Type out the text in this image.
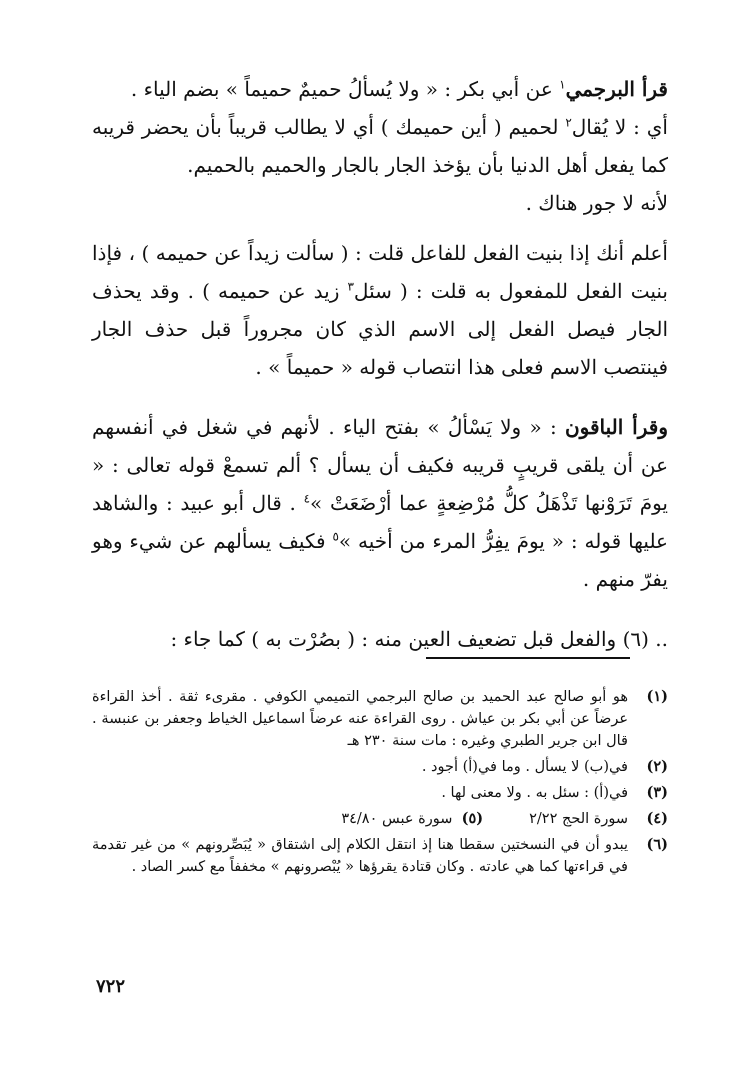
قرأ البرجمي$^١$ عن أبي بكر : « ولا يُسألُ حميمٌ حميماً » بضم الياء .

أي : لا يُقال$^٢$ لحميم ( أين حميمك ) أي لا يطالب قريباً بأن يحضر قريبه كما يفعل أهل الدنيا بأن يؤخذ الجار بالجار والحميم بالحميم.

لأنه لا جور هناك .

أعلم أنك إذا بنيت الفعل للفاعل قلت : ( سألت زيداً عن حميمه ) ، فإذا بنيت الفعل للمفعول به قلت : ( سئل$^٣$ زيد عن حميمه ) . وقد يحذف الجار فيصل الفعل إلى الاسم الذي كان مجروراً قبل حذف الجار فينتصب الاسم فعلى هذا انتصاب قوله « حميماً » .

وقرأ الباقون : « ولا يَسْألُ » بفتح الياء . لأنهم في شغل في أنفسهم عن أن يلقى قريبٍ قريبه فكيف أن يسأل ؟ ألم تسمعْ قوله تعالى : « يومَ تَرَوْنها تَذْهَلُ كلُّ مُرْضِعةٍ عما أرْضَعَتْ »$^٤$ . قال أبو عبيد : والشاهد عليها قوله : « يومَ يفِرُّ المرء من أخيه »$^٥$ فكيف يسألهم عن شيء وهو يفرّ منهم .

.. (٦) والفعل قبل تضعيف العين منه : ( بصُرْت به ) كما جاء :

(١)
هو أبو صالح عبد الحميد بن صالح البرجمي التميمي الكوفي . مقرىء ثقة . أخذ القراءة عرضاً عن أبي بكر بن عياش . روى القراءة عنه عرضاً اسماعيل الخياط وجعفر بن عنبسة . قال ابن جرير الطبري وغيره : مات سنة ٢٣٠ هـ
(٢)
في(ب) لا يسأل . وما في(أ) أجود .
(٣)
في(أ) : سئل به . ولا معنى لها .
(٤)
سورة الحج ٢/٢٢(٥)  سورة عبس ٣٤/٨٠
(٦)
يبدو أن في النسختين سقطا هنا إذ انتقل الكلام إلى اشتقاق « يُبَصِّرونهم » من غير تقدمة في قراءتها كما هي عادته . وكان قتادة يقرؤها « يُبْصرونهم » مخففاً مع كسر الصاد .
٧٢٢
